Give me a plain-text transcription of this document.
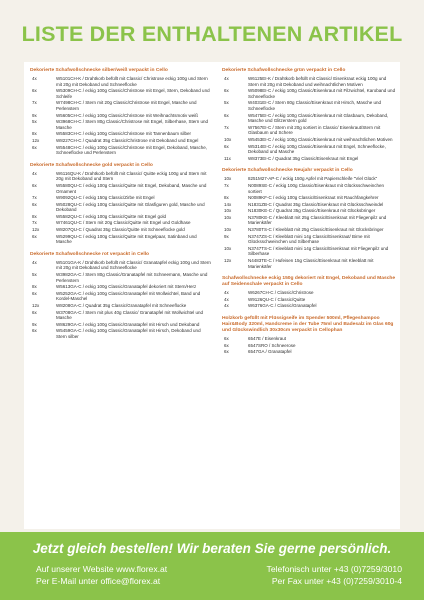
LISTE DER ENTHALTENEN ARTIKEL
Dekorierte Schafwollschnecke silber/weiß verpackt in Cello
4x	W5101CH-K / Drahtkorb befüllt mit Classic/ Christrose eckig 100g und Stern mit 20g mit Dekoband und Schneeflocke
6x	W5309CH-C / eckig 100g Classic/Christrose mit Engel, Stern, Dekoband und Schleife
7x	W7498CH-C / Stern mit 20g Classic/Christrose mit Engel, Masche und Perlenstern
9x	W5605CH-C / eckig 100g Classic/Christrose mit Weihnachtsmotiv weiß
5x	W3968CH-C / Stern 80g Classic/Christrose mit Engel, Silberhase, Stern und Masche
8x	W5583CH-C / eckig 100g Classic/Christrose mit Tannenbaum silber
12x	W8227CH-C / Quadrat 35g Classic/Christrose mit Dekoband und Engel
6x	W5548CH-C / eckig 100g Classic/Christrose mit Engel, Dekoband, Masche, Schneeflocke und Perlenstern
Dekorierte Schafwollschnecke gold verpackt in Cello
4x	W6116QU-K / Drahtkorb befüllt mit Classic/ Quitte eckig 100g und Stern mit 20g mit Dekoband und Stern
6x	W5580QU-C / eckig 100g Classic/Quitte mit Engel, Dekoband, Masche und Ornament
7x	W9092QU-C / eckig 150g Classic/Zirbe mit Engel
6x	W5028QU-C / eckig 100g Classic/Quitte mit Glasfiguren gold, Masche und Dekoband
8x	W5582QU-C / eckig 100g Classic/Quitte mit Engel gold
7x	W7461QU-C / Stern mit 20g Classic/Quitte mit Engel und Goldhase
12x	W8207QU-C / Quadrat 35g Classic/Quitte mit Schneeflocke gold
6x	W5299QU-C / eckig 100g Classic/Quitte mit Engelpaar, Satinband und Masche
Dekorierte Schafwollschnecke rot verpackt in Cello
4x	W5101GA-K / Drahtkorb befüllt mit Classic/ Granatapfel eckig 100g und Stern mit 20g mit Dekoband und Schneeflocke
5x	W3982GA-C / Stern 80g Classic/Granatapfel mit Schneemann, Masche und Perlenstern
8x	W5613GA-C / eckig 100g Classic/Granatapfel dekoriert mit Stern/Herz
6x	W5252GA-C / eckig 100g Classic/Granatapfel mit Wollwichtel, Band und Kordel-Maschel
12x	W8208GA-C / Quadrat 35g Classic/Granatapfel mit Schneeflocke
6x	W3708GA-C / Stern mit plus 40g Classic/ Granatapfel mit Wollwichtel und Masche
9x	W8629GA-C / eckig 100g Classic/Granatapfel mit Hirsch und Dekoband
6x	W5459GA-C / eckig 100g Classic/Granatapfel mit Hirsch, Dekoband und Stern silber
Dekorierte Schafwollschnecke grün verpackt in Cello
4x	W6125EI-K / Drahtkorb befüllt mit Classic/ Eisenkraut eckig 100g und Stern mit 20g mit Dekoband und weihnachtlichen Motiven
6x	W5098EI-C / eckig 100g Classic/Eisenkraut mit Filzwichtel, Karoband und Schneeflocke
5x	W4031EI-C / Stern 80g Classic/Eisenkraut mit Hirsch, Masche und Schneeflocke
6x	W5475EI-C / eckig 100g Classic/Eisenkraut mit Glasbaum, Dekoband, Masche und Glitzerstern gold
7x	W7567EI-C / Stern mit 20g sortiert in Classic/ Eisenkraut/Stern mit Glasbaum und Schere
10x	W5453EI-C / eckig 100g Classic/Eisenkraut mit weihnachtlichen Motiven
6x	W5314EI-C / eckig 100g Classic/Eisenkraut mit Engel, Schneeflocke, Dekoband und Masche
11x	W8373EI-C / Quadrat 35g Classic/Eisenkraut mit Engel
Dekorierte Schafwollschnecke Neujahr verpackt in Cello
10x	8251M27-AP-C / eckig 150g Apfel mit Papierschleife "Viel Glück"
7x	N0089SE-C / eckig 100g Classic/Eisenkraut mit Glücksschweinchen sortiert
8x	N0089KF-C / eckig 100g Classic/Eisenkraut mit Rauchfangkehrer
14x	N1831ZB-C / Quadrat 35g Classic/Eisenkraut mit Glücksschweindel
10x	N1830KE-C / Quadrat 35g Classic/Eisenkraut mit Glücksbringer
10x	N3780KE-C / Kleeblatt mit 25g Classic/Eisenkraut mit Fliegenpilz und Marienkäfer
10x	N3780TS-C / Kleeblatt mit 25g Classic/Eisenkraut mit Glücksbringer
9x	N3747ZS-C / Kleeblatt mini 14g Classic/Eisenkraut/ Birne mit Glücksschweinchen und Silberhase
10x	N3747TS-C / Kleeblatt mini 14g Classic/Eisenkraut mit Fliegenpilz und Silberhase
12x	N4483TE-C / Hufeisen 15g Classic/Eisenkraut mit Kleeblatt mit Marienkäfer
Schafwollschnecke eckig 150g dekoriert mit Engel, Dekoband und Masche auf Seidenschale verpackt in Cello
4x	W6267CH-C / Classic/Christrose
4x	W9126QU-C / Classic/Quitte
4x	W6376GA-C / Classic/Granatapfel
Holzkorb gefüllt mit Flüssigseife im Spender 500ml, Pflegeshampoo Hair&Body 320ml, Handcreme in der Tube 75ml und Badesalz im Glas 60g und Glückswindlich 30x30cm verpackt in Cellophan
6x	6547E / Eisenkraut
6x	6547SRO / Schneerose
6x	6547GA / Granatapfel
Jetzt gleich bestellen! Wir beraten Sie gerne persönlich.
Auf unserer Website www.florex.at
Per E-Mail unter office@florex.at
Telefonisch unter +43 (0)7259/3010
Per Fax unter +43 (0)7259/3010-4
